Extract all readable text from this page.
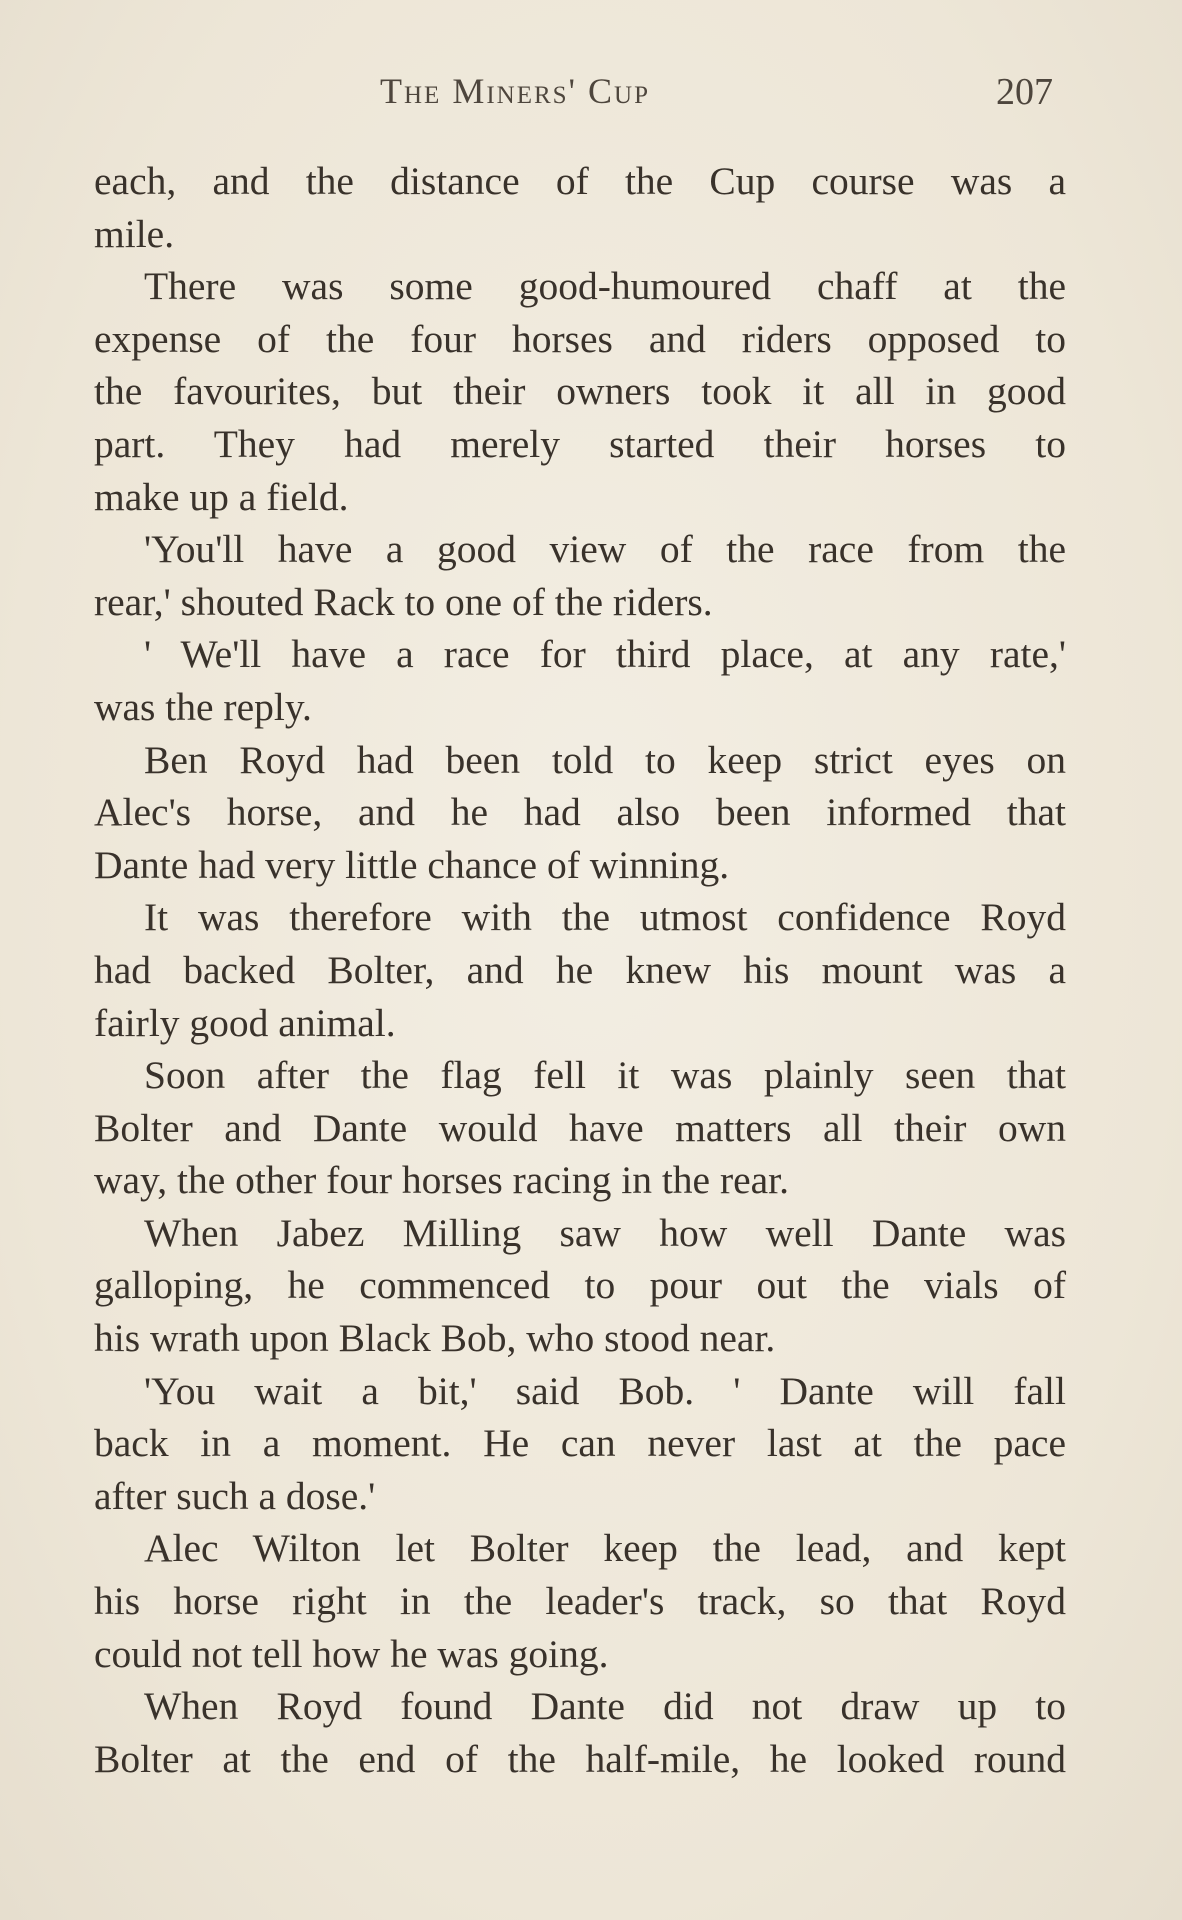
The Miners' Cup	207
each, and the distance of the Cup course was a
mile.
There was some good-humoured chaff at the
expense of the four horses and riders opposed to
the favourites, but their owners took it all in good
part. They had merely started their horses to
make up a field.
'You'll have a good view of the race from the
rear,' shouted Rack to one of the riders.
' We'll have a race for third place, at any rate,'
was the reply.
Ben Royd had been told to keep strict eyes on
Alec's horse, and he had also been informed that
Dante had very little chance of winning.
It was therefore with the utmost confidence Royd
had backed Bolter, and he knew his mount was a
fairly good animal.
Soon after the flag fell it was plainly seen that
Bolter and Dante would have matters all their own
way, the other four horses racing in the rear.
When Jabez Milling saw how well Dante was
galloping, he commenced to pour out the vials of
his wrath upon Black Bob, who stood near.
'You wait a bit,' said Bob. ' Dante will fall
back in a moment. He can never last at the pace
after such a dose.'
Alec Wilton let Bolter keep the lead, and kept
his horse right in the leader's track, so that Royd
could not tell how he was going.
When Royd found Dante did not draw up to
Bolter at the end of the half-mile, he looked round
